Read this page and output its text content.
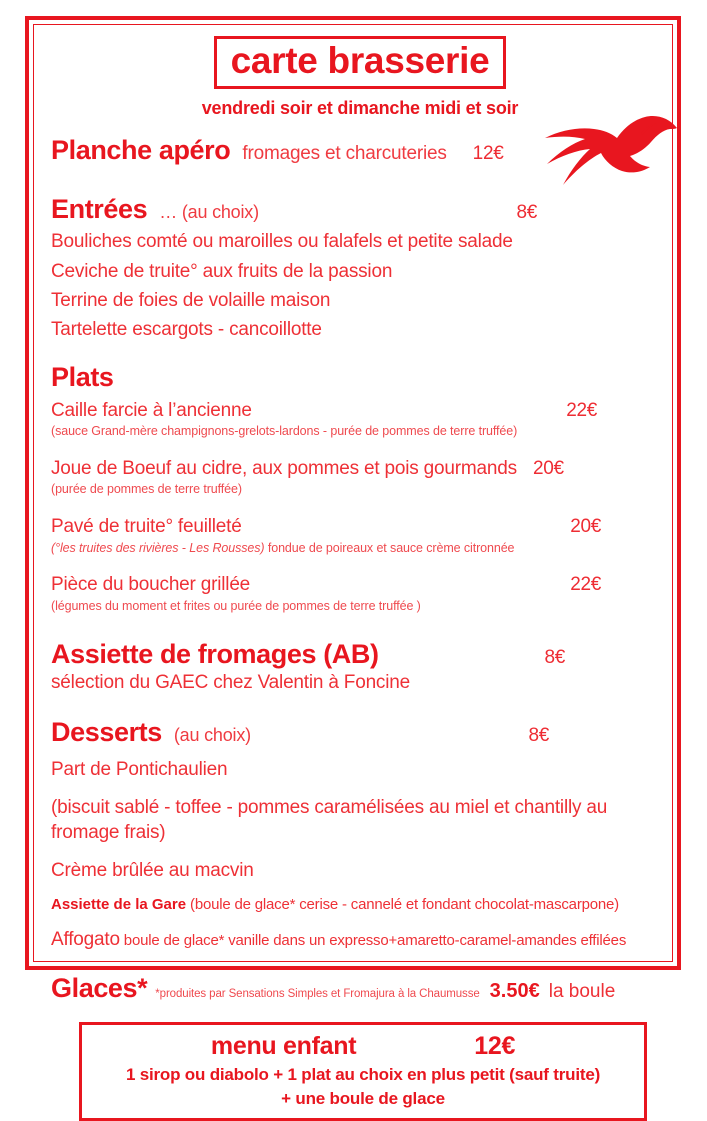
carte brasserie
vendredi soir et dimanche midi et soir
Planche apéro fromages et charcuteries 12€
Entrées … (au choix)	8€
Bouliches comté ou maroilles ou falafels et petite salade
Ceviche de truite° aux fruits de la passion
Terrine de foies de volaille maison
Tartelette escargots - cancoillotte
Plats
Caille farcie à l’ancienne	22€
(sauce Grand-mère champignons-grelots-lardons - purée de pommes de terre truffée)
Joue de Boeuf au cidre, aux pommes et pois gourmands 20€
(purée de pommes de terre truffée)
Pavé de truite° feuilleté	20€
(°les truites des rivières - Les Rousses) fondue de poireaux et sauce crème citronnée
Pièce du boucher grillée	22€
(légumes du moment et frites ou purée de pommes de terre truffée )
Assiette de fromages (AB)	8€
sélection du GAEC chez Valentin à Foncine
Desserts (au choix)	8€
Part de Pontichaulien
(biscuit sablé - toffee - pommes caramélisées au miel et chantilly au fromage frais)
Crème brûlée au macvin
Assiette de la Gare (boule de glace* cerise - cannelé et fondant chocolat-mascarpone)
Affogato boule de glace* vanille dans un expresso+amaretto-caramel-amandes effilées
Glaces* *produites par Sensations Simples et Fromajura à la Chaumusse 3.50€ la boule
menu enfant	12€
1 sirop ou diabolo + 1 plat au choix en plus petit (sauf truite)
+ une boule de glace
